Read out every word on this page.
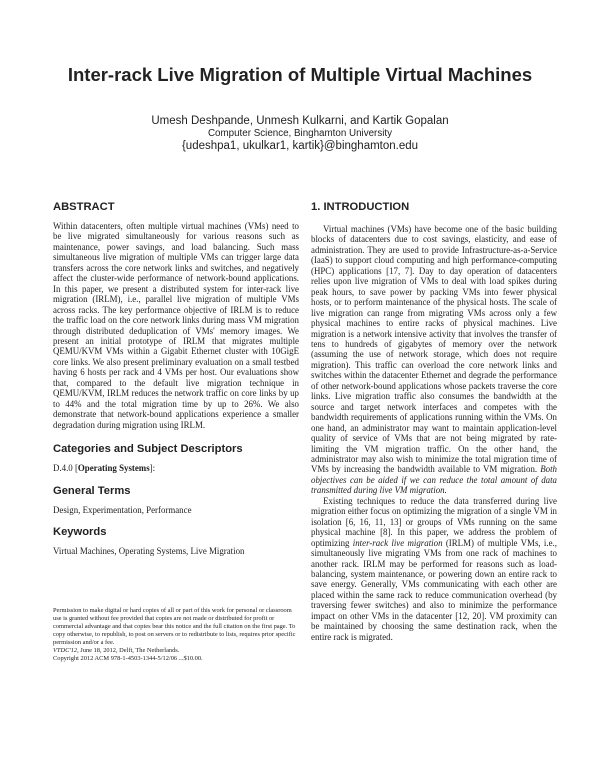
Inter-rack Live Migration of Multiple Virtual Machines
Umesh Deshpande, Unmesh Kulkarni, and Kartik Gopalan
Computer Science, Binghamton University
{udeshpa1, ukulkar1, kartik}@binghamton.edu
ABSTRACT

Within datacenters, often multiple virtual machines (VMs) need to be live migrated simultaneously for various reasons such as maintenance, power savings, and load balancing. Such mass simultaneous live migration of multiple VMs can trigger large data transfers across the core network links and switches, and negatively affect the cluster-wide performance of network-bound applications. In this paper, we present a distributed system for inter-rack live migration (IRLM), i.e., parallel live migration of multiple VMs across racks. The key performance objective of IRLM is to reduce the traffic load on the core network links during mass VM migration through distributed deduplication of VMs' memory images. We present an initial prototype of IRLM that migrates multiple QEMU/KVM VMs within a Gigabit Ethernet cluster with 10GigE core links. We also present preliminary evaluation on a small testbed having 6 hosts per rack and 4 VMs per host. Our evaluations show that, compared to the default live migration technique in QEMU/KVM, IRLM reduces the network traffic on core links by up to 44% and the total migration time by up to 26%. We also demonstrate that network-bound applications experience a smaller degradation during migration using IRLM.

Categories and Subject Descriptors

D.4.0 [Operating Systems]:

General Terms

Design, Experimentation, Performance

Keywords

Virtual Machines, Operating Systems, Live Migration

Permission to make digital or hard copies of all or part of this work for personal or classroom use is granted without fee provided that copies are not made or distributed for profit or commercial advantage and that copies bear this notice and the full citation on the first page. To copy otherwise, to republish, to post on servers or to redistribute to lists, requires prior specific permission and/or a fee.

VTDC'12, June 18, 2012, Delft, The Netherlands.

Copyright 2012 ACM 978-1-4503-1344-5/12/06 ...$10.00.

1. INTRODUCTION

Virtual machines (VMs) have become one of the basic building blocks of datacenters due to cost savings, elasticity, and ease of administration. They are used to provide Infrastructure-as-a-Service (IaaS) to support cloud computing and high performance-computing (HPC) applications [17, 7]. Day to day operation of datacenters relies upon live migration of VMs to deal with load spikes during peak hours, to save power by packing VMs into fewer physical hosts, or to perform maintenance of the physical hosts. The scale of live migration can range from migrating VMs across only a few physical machines to entire racks of physical machines. Live migration is a network intensive activity that involves the transfer of tens to hundreds of gigabytes of memory over the network (assuming the use of network storage, which does not require migration). This traffic can overload the core network links and switches within the datacenter Ethernet and degrade the performance of other network-bound applications whose packets traverse the core links. Live migration traffic also consumes the bandwidth at the source and target network interfaces and competes with the bandwidth requirements of applications running within the VMs. On one hand, an administrator may want to maintain application-level quality of service of VMs that are not being migrated by rate-limiting the VM migration traffic. On the other hand, the administrator may also wish to minimize the total migration time of VMs by increasing the bandwidth available to VM migration. Both objectives can be aided if we can reduce the total amount of data transmitted during live VM migration.

Existing techniques to reduce the data transferred during live migration either focus on optimizing the migration of a single VM in isolation [6, 16, 11, 13] or groups of VMs running on the same physical machine [8]. In this paper, we address the problem of optimizing inter-rack live migration (IRLM) of multiple VMs, i.e., simultaneously live migrating VMs from one rack of machines to another rack. IRLM may be performed for reasons such as load-balancing, system maintenance, or powering down an entire rack to save energy. Generally, VMs communicating with each other are placed within the same rack to reduce communication overhead (by traversing fewer switches) and also to minimize the performance impact on other VMs in the datacenter [12, 20]. VM proximity can be maintained by choosing the same destination rack, when the entire rack is migrated.
